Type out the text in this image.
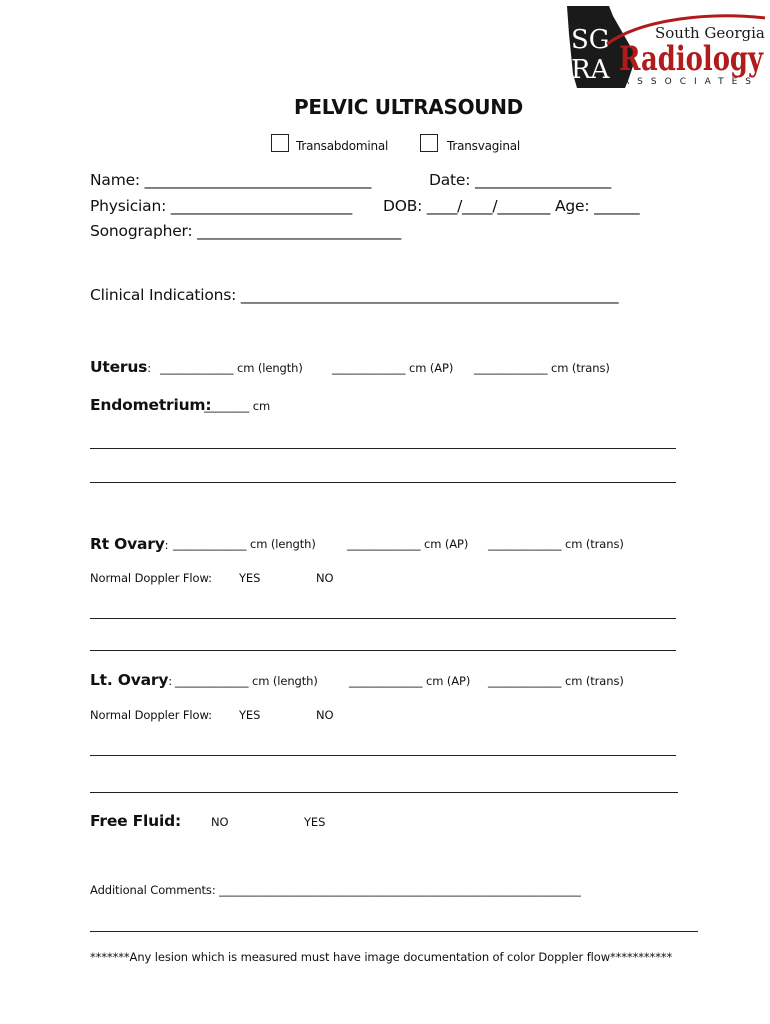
SG
RA
South Georgia
Radiology
ASSOCIATES
PELVIC ULTRASOUND
Transabdominal	Transvaginal
Name: ______________________________	Date: __________________
Physician: ________________________ DOB: ____/____/_______ Age: ______
Sonographer: ___________________________
Clinical Indications: __________________________________________________
Uterus: _____________ cm (length)	_____________ cm (AP) _____________ cm (trans)
Endometrium:
________ cm
Rt Ovary: _____________ cm (length)	_____________ cm (AP) _____________ cm (trans)
Normal Doppler Flow: YES	NO
Lt. Ovary: _____________ cm (length)	_____________ cm (AP) _____________ cm (trans)
Normal Doppler Flow: YES	NO
Free Fluid:	NO	YES
Additional Comments: ________________________________________________________________
*******Any lesion which is measured must have image documentation of color Doppler flow***********
